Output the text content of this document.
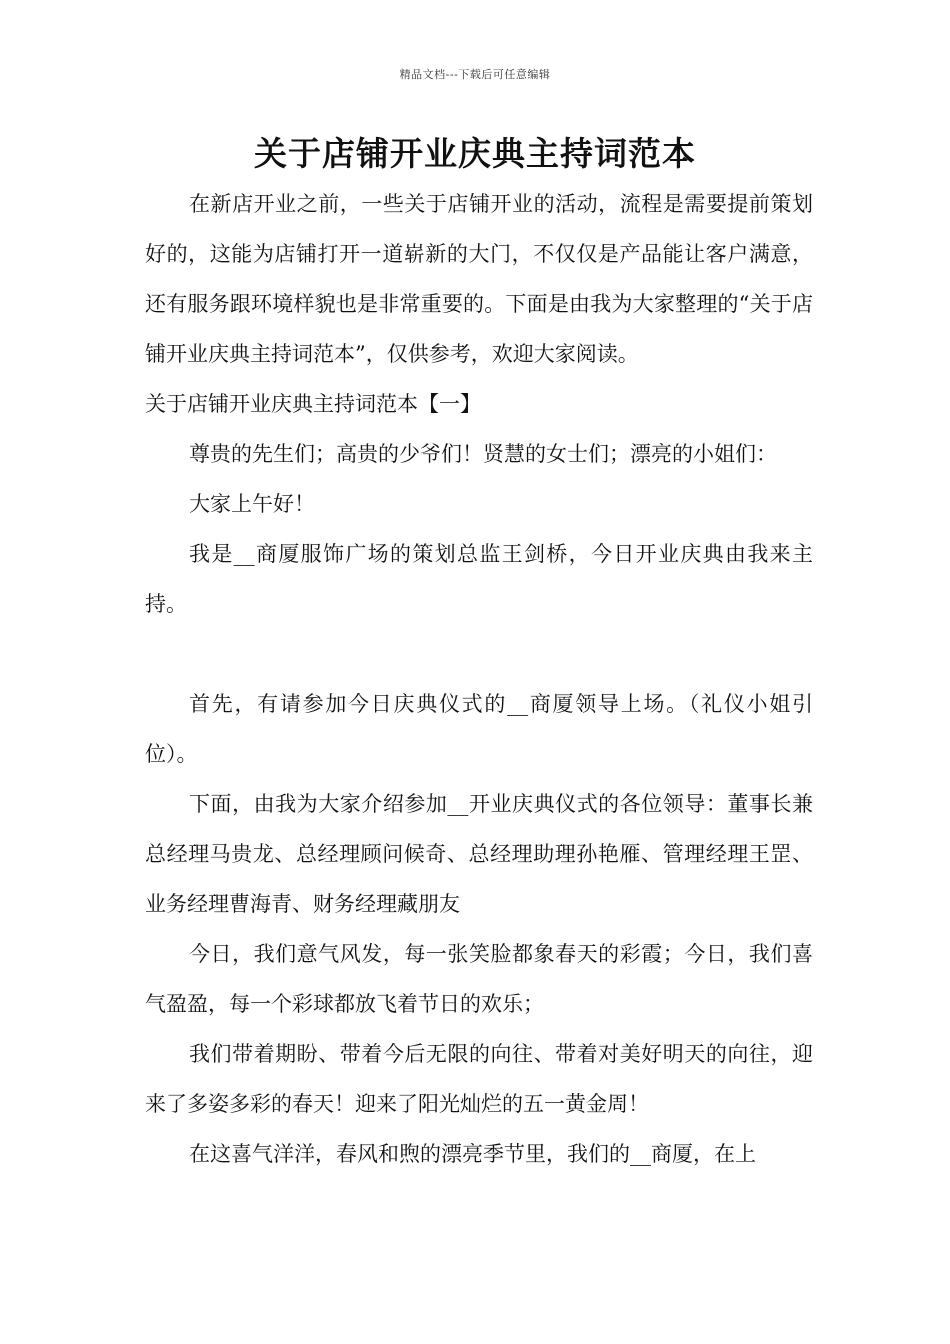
精品文档---下载后可任意编辑
关于店铺开业庆典主持词范本

在新店开业之前，一些关于店铺开业的活动，流程是需要提前策划好的，这能为店铺打开一道崭新的大门，不仅仅是产品能让客户满意，还有服务跟环境样貌也是非常重要的。下面是由我为大家整理的“关于店铺开业庆典主持词范本”，仅供参考，欢迎大家阅读。

关于店铺开业庆典主持词范本【一】

尊贵的先生们；高贵的少爷们！贤慧的女士们；漂亮的小姐们：

大家上午好！

我是__商厦服饰广场的策划总监王剑桥，今日开业庆典由我来主持。

首先，有请参加今日庆典仪式的__商厦领导上场。（礼仪小姐引位）。

下面，由我为大家介绍参加__开业庆典仪式的各位领导：董事长兼总经理马贵龙、总经理顾问候奇、总经理助理孙艳雁、管理经理王罡、业务经理曹海青、财务经理藏朋友

今日，我们意气风发，每一张笑脸都象春天的彩霞；今日，我们喜气盈盈，每一个彩球都放飞着节日的欢乐；

我们带着期盼、带着今后无限的向往、带着对美好明天的向往，迎来了多姿多彩的春天！迎来了阳光灿烂的五一黄金周！

在这喜气洋洋，春风和煦的漂亮季节里，我们的__商厦，在上
